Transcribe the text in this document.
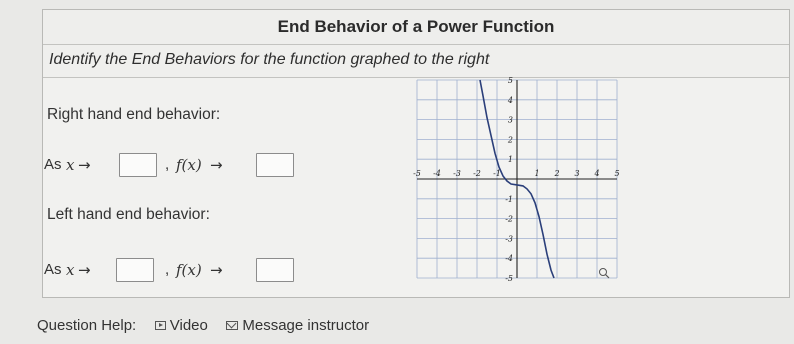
End Behavior of a Power Function
Identify the End Behaviors for the function graphed to the right
Right hand end behavior:
As x →	, f(x) →
Left hand end behavior:
As x →	, f(x) →
-5 -4 -3 -2 -1	1 2 3 4 5
5
4
3
2
1
-1
-2
-3
-4
-5
Question Help: Video Message instructor
